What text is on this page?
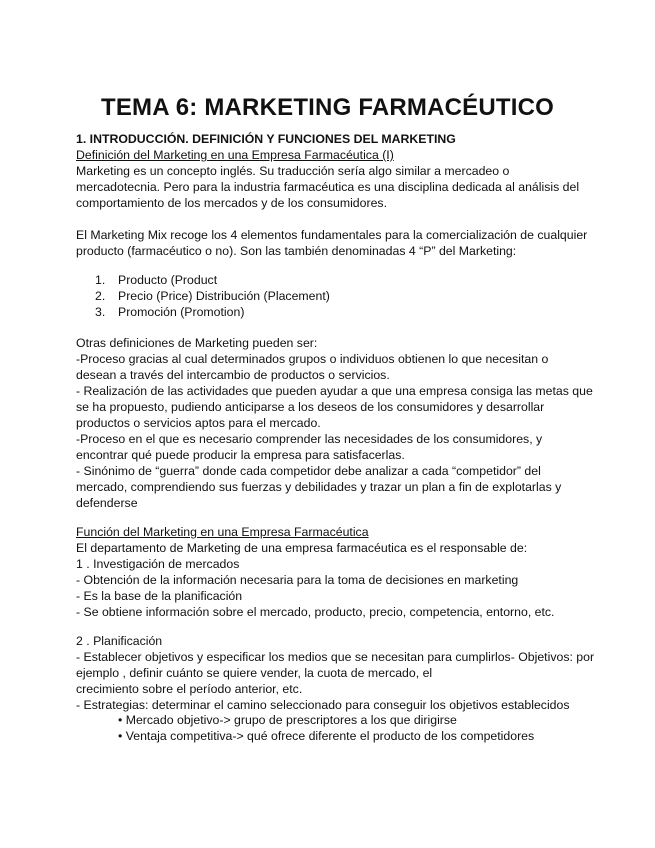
TEMA 6: MARKETING FARMACÉUTICO
1. INTRODUCCIÓN. DEFINICIÓN Y FUNCIONES DEL MARKETING
Definición del Marketing en una Empresa Farmacéutica (I)
Marketing es un concepto inglés. Su traducción sería algo similar a mercadeo o
mercadotecnia. Pero para la industria farmacéutica es una disciplina dedicada al análisis del
comportamiento de los mercados y de los consumidores.
El Marketing Mix recoge los 4 elementos fundamentales para la comercialización de cualquier
producto (farmacéutico o no). Son las también denominadas 4 “P” del Marketing:
1. Producto (Product
2. Precio (Price) Distribución (Placement)
3. Promoción (Promotion)
Otras definiciones de Marketing pueden ser:
-Proceso gracias al cual determinados grupos o individuos obtienen lo que necesitan o
desean a través del intercambio de productos o servicios.
- Realización de las actividades que pueden ayudar a que una empresa consiga las metas que
se ha propuesto, pudiendo anticiparse a los deseos de los consumidores y desarrollar
productos o servicios aptos para el mercado.
-Proceso en el que es necesario comprender las necesidades de los consumidores, y
encontrar qué puede producir la empresa para satisfacerlas.
- Sinónimo de “guerra” donde cada competidor debe analizar a cada “competidor” del
mercado, comprendiendo sus fuerzas y debilidades y trazar un plan a fin de explotarlas y
defenderse
Función del Marketing en una Empresa Farmacéutica
El departamento de Marketing de una empresa farmacéutica es el responsable de:
1 . Investigación de mercados
- Obtención de la información necesaria para la toma de decisiones en marketing
- Es la base de la planificación
- Se obtiene información sobre el mercado, producto, precio, competencia, entorno, etc.
2 . Planificación
- Establecer objetivos y especificar los medios que se necesitan para cumplirlos- Objetivos: por
ejemplo , definir cuánto se quiere vender, la cuota de mercado, el
crecimiento sobre el período anterior, etc.
- Estrategias: determinar el camino seleccionado para conseguir los objetivos establecidos
• Mercado objetivo-> grupo de prescriptores a los que dirigirse
• Ventaja competitiva-> qué ofrece diferente el producto de los competidores
